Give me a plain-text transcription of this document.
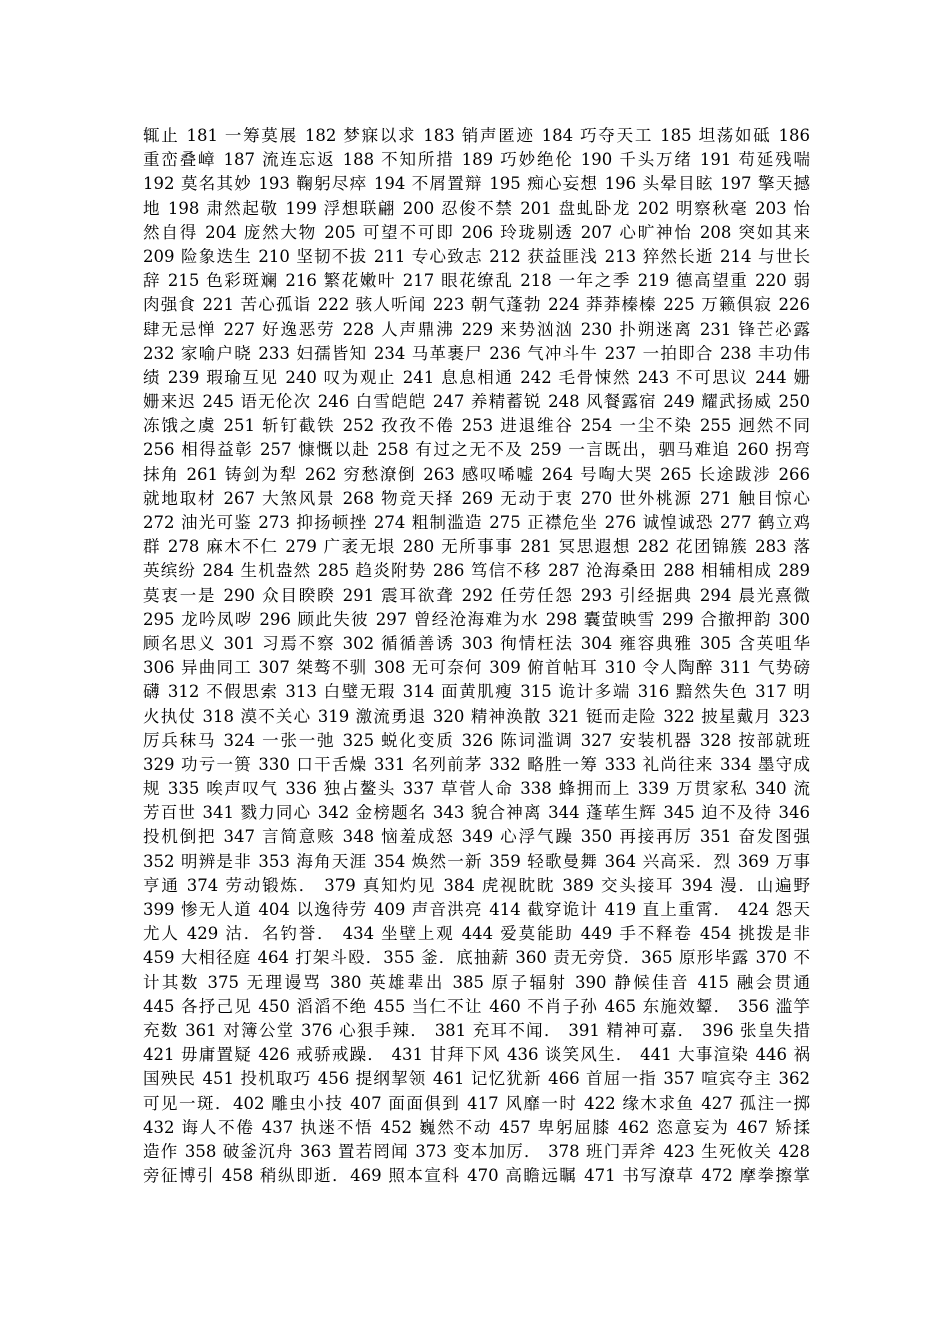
辄止 181 一筹莫展 182 梦寐以求 183 销声匿迹 184 巧夺天工 185 坦荡如砥 186
重峦叠嶂 187 流连忘返 188 不知所措 189 巧妙绝伦 190 千头万绪 191 苟延残喘
192 莫名其妙 193 鞠躬尽瘁 194 不屑置辩 195 痴心妄想 196 头晕目眩 197 擎天撼
地 198 肃然起敬 199 浮想联翩 200 忍俊不禁 201 盘虬卧龙 202 明察秋毫 203 怡
然自得 204 庞然大物 205 可望不可即 206 玲珑剔透 207 心旷神怡 208 突如其来
209 险象迭生 210 坚韧不拔 211 专心致志 212 获益匪浅 213 猝然长逝 214 与世长
辞 215 色彩斑斓 216 繁花嫩叶 217 眼花缭乱 218 一年之季 219 德高望重 220 弱
肉强食 221 苦心孤诣 222 骇人听闻 223 朝气蓬勃 224 莽莽榛榛 225 万籁俱寂 226
肆无忌惮 227 好逸恶劳 228 人声鼎沸 229 来势汹汹 230 扑朔迷离 231 锋芒必露
232 家喻户晓 233 妇孺皆知 234 马革裹尸 236 气冲斗牛 237 一拍即合 238 丰功伟
绩 239 瑕瑜互见 240 叹为观止 241 息息相通 242 毛骨悚然 243 不可思议 244 姗
姗来迟 245 语无伦次 246 白雪皑皑 247 养精蓄锐 248 风餐露宿 249 耀武扬威 250
冻饿之虞 251 斩钉截铁 252 孜孜不倦 253 进退维谷 254 一尘不染 255 迥然不同
256 相得益彰 257 慷慨以赴 258 有过之无不及 259 一言既出，驷马难追 260 拐弯
抹角 261 铸剑为犁 262 穷愁潦倒 263 感叹唏嘘 264 号啕大哭 265 长途跋涉 266
就地取材 267 大煞风景 268 物竞天择 269 无动于衷 270 世外桃源 271 触目惊心
272 油光可鉴 273 抑扬顿挫 274 粗制滥造 275 正襟危坐 276 诚惶诚恐 277 鹤立鸡
群 278 麻木不仁 279 广袤无垠 280 无所事事 281 冥思遐想 282 花团锦簇 283 落
英缤纷 284 生机盎然 285 趋炎附势 286 笃信不移 287 沧海桑田 288 相辅相成 289
莫衷一是 290 众目睽睽 291 震耳欲聋 292 任劳任怨 293 引经据典 294 晨光熹微
295 龙吟凤哕 296 顾此失彼 297 曾经沧海难为水 298 囊萤映雪 299 合撤押韵 300
顾名思义 301 习焉不察 302 循循善诱 303 徇情枉法 304 雍容典雅 305 含英咀华
306 异曲同工 307 桀骜不驯 308 无可奈何 309 俯首帖耳 310 令人陶醉 311 气势磅
礴 312 不假思索 313 白璧无瑕 314 面黄肌瘦 315 诡计多端 316 黯然失色 317 明
火执仗 318 漠不关心 319 激流勇退 320 精神涣散 321 铤而走险 322 披星戴月 323
厉兵秣马 324 一张一弛 325 蜕化变质 326 陈词滥调 327 安装机器 328 按部就班
329 功亏一篑 330 口干舌燥 331 名列前茅 332 略胜一筹 333 礼尚往来 334 墨守成
规 335 唉声叹气 336 独占鳌头 337 草菅人命 338 蜂拥而上 339 万贯家私 340 流
芳百世 341 戮力同心 342 金榜题名 343 貌合神离 344 蓬荜生辉 345 迫不及待 346
投机倒把 347 言简意赅 348 恼羞成怒 349 心浮气躁 350 再接再厉 351 奋发图强
352 明辨是非 353 海角天涯 354 焕然一新 359 轻歌曼舞 364 兴高采．烈 369 万事
亨通 374 劳动锻炼． 379 真知灼见 384 虎视眈眈 389 交头接耳 394 漫．山遍野
399 惨无人道 404 以逸待劳 409 声音洪亮 414 截穿诡计 419 直上重霄． 424 怨天
尤人 429 沽．名钓誉． 434 坐壁上观 444 爱莫能助 449 手不释卷 454 挑拨是非
459 大相径庭 464 打架斗殴．355 釜．底抽薪 360 责无旁贷．365 原形毕露 370 不
计其数 375 无理谩骂 380 英雄辈出 385 原子辐射 390 静候佳音 415 融会贯通
445 各抒己见 450 滔滔不绝 455 当仁不让 460 不肖子孙 465 东施效颦． 356 滥竽
充数 361 对簿公堂 376 心狠手辣． 381 充耳不闻． 391 精神可嘉． 396 张皇失措
421 毋庸置疑 426 戒骄戒躁． 431 甘拜下风 436 谈笑风生． 441 大事渲染 446 祸
国殃民 451 投机取巧 456 提纲挈领 461 记忆犹新 466 首屈一指 357 喧宾夺主 362
可见一斑．402 雕虫小技 407 面面俱到 417 风靡一时 422 缘木求鱼 427 孤注一掷
432 诲人不倦 437 执迷不悟 452 巍然不动 457 卑躬屈膝 462 恣意妄为 467 矫揉
造作 358 破釜沉舟 363 置若罔闻 373 变本加厉． 378 班门弄斧 423 生死攸关 428
旁征博引 458 稍纵即逝．469 照本宣科 470 高瞻远瞩 471 书写潦草 472 摩拳擦掌
